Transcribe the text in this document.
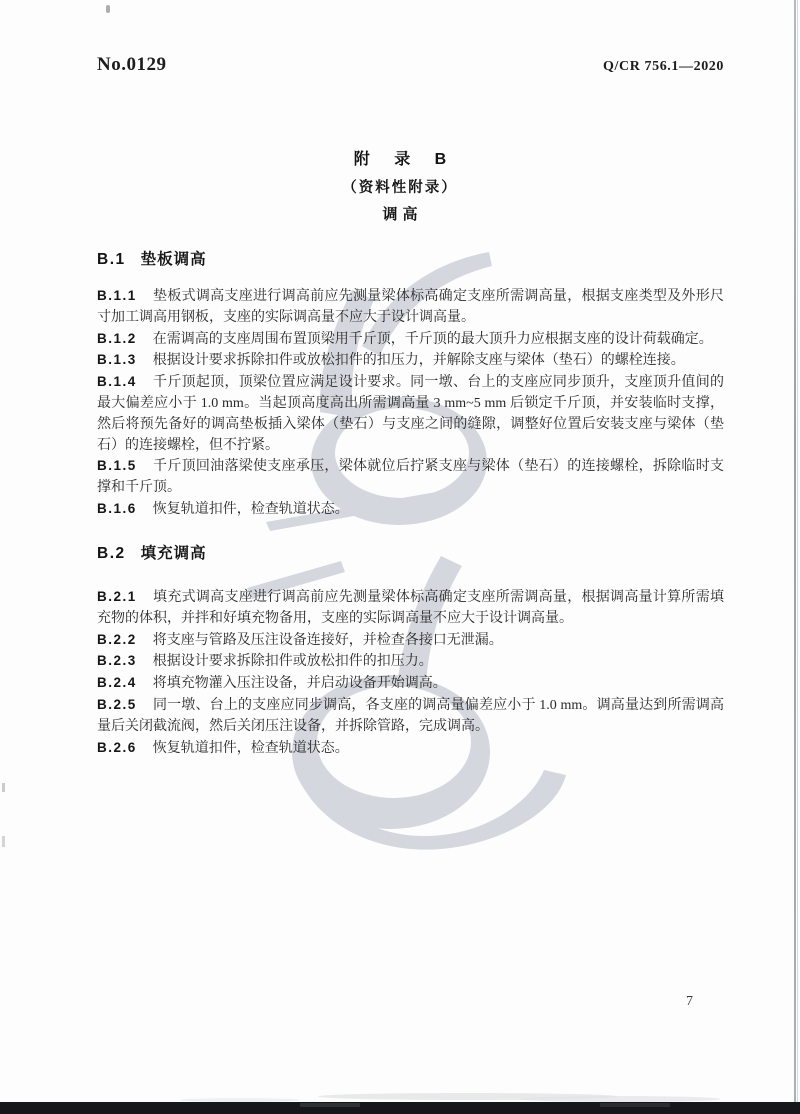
No.0129	Q/CR 756.1—2020
附 录 B
（资料性附录）
调高
B.1 垫板调高

B.1.1 垫板式调高支座进行调高前应先测量梁体标高确定支座所需调高量，根据支座类型及外形尺寸加工调高用钢板，支座的实际调高量不应大于设计调高量。

B.1.2 在需调高的支座周围布置顶梁用千斤顶，千斤顶的最大顶升力应根据支座的设计荷载确定。

B.1.3 根据设计要求拆除扣件或放松扣件的扣压力，并解除支座与梁体（垫石）的螺栓连接。

B.1.4 千斤顶起顶，顶梁位置应满足设计要求。同一墩、台上的支座应同步顶升，支座顶升值间的最大偏差应小于 1.0 mm。当起顶高度高出所需调高量 3 mm~5 mm 后锁定千斤顶，并安装临时支撑，然后将预先备好的调高垫板插入梁体（垫石）与支座之间的缝隙，调整好位置后安装支座与梁体（垫石）的连接螺栓，但不拧紧。

B.1.5 千斤顶回油落梁使支座承压，梁体就位后拧紧支座与梁体（垫石）的连接螺栓，拆除临时支撑和千斤顶。

B.1.6 恢复轨道扣件，检查轨道状态。

B.2 填充调高

B.2.1 填充式调高支座进行调高前应先测量梁体标高确定支座所需调高量，根据调高量计算所需填充物的体积，并拌和好填充物备用，支座的实际调高量不应大于设计调高量。

B.2.2 将支座与管路及压注设备连接好，并检查各接口无泄漏。

B.2.3 根据设计要求拆除扣件或放松扣件的扣压力。

B.2.4 将填充物灌入压注设备，并启动设备开始调高。

B.2.5 同一墩、台上的支座应同步调高，各支座的调高量偏差应小于 1.0 mm。调高量达到所需调高量后关闭截流阀，然后关闭压注设备，并拆除管路，完成调高。

B.2.6 恢复轨道扣件，检查轨道状态。

7
